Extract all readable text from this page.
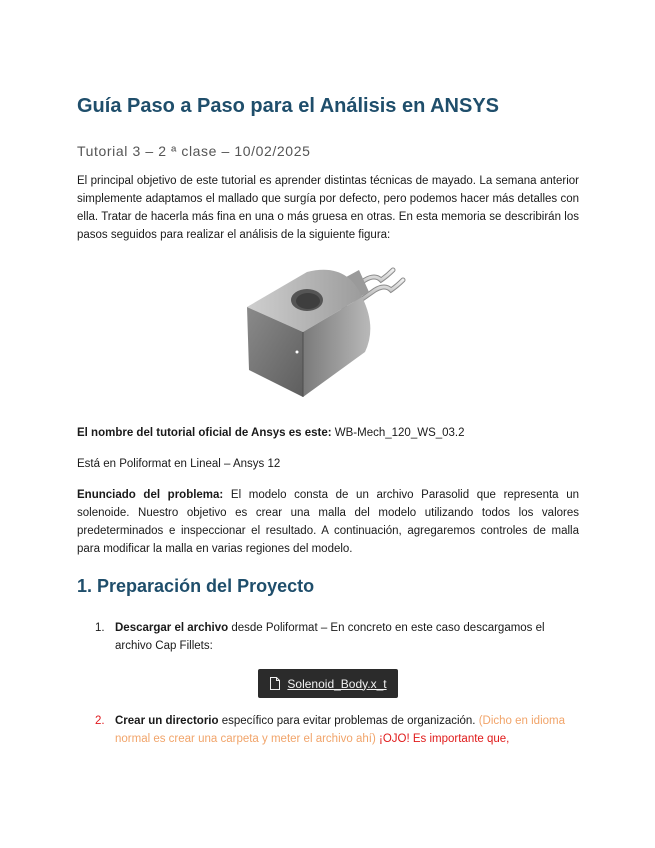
Guía Paso a Paso para el Análisis en ANSYS

Tutorial 3 – 2 ª clase – 10/02/2025

El principal objetivo de este tutorial es aprender distintas técnicas de mayado. La semana anterior simplemente adaptamos el mallado que surgía por defecto, pero podemos hacer más detalles con ella. Tratar de hacerla más fina en una o más gruesa en otras. En esta memoria se describirán los pasos seguidos para realizar el análisis de la siguiente figura:

El nombre del tutorial oficial de Ansys es este: WB-Mech_120_WS_03.2

Está en Poliformat en Lineal – Ansys 12

Enunciado del problema: El modelo consta de un archivo Parasolid que representa un solenoide. Nuestro objetivo es crear una malla del modelo utilizando todos los valores predeterminados e inspeccionar el resultado. A continuación, agregaremos controles de malla para modificar la malla en varias regiones del modelo.

1. Preparación del Proyecto
1. Descargar el archivo desde Poliformat – En concreto en este caso descargamos el archivo Cap Fillets:
Solenoid_Body.x_t
2. Crear un directorio específico para evitar problemas de organización. (Dicho en idioma normal es crear una carpeta y meter el archivo ahí) ¡OJO! Es importante que,
